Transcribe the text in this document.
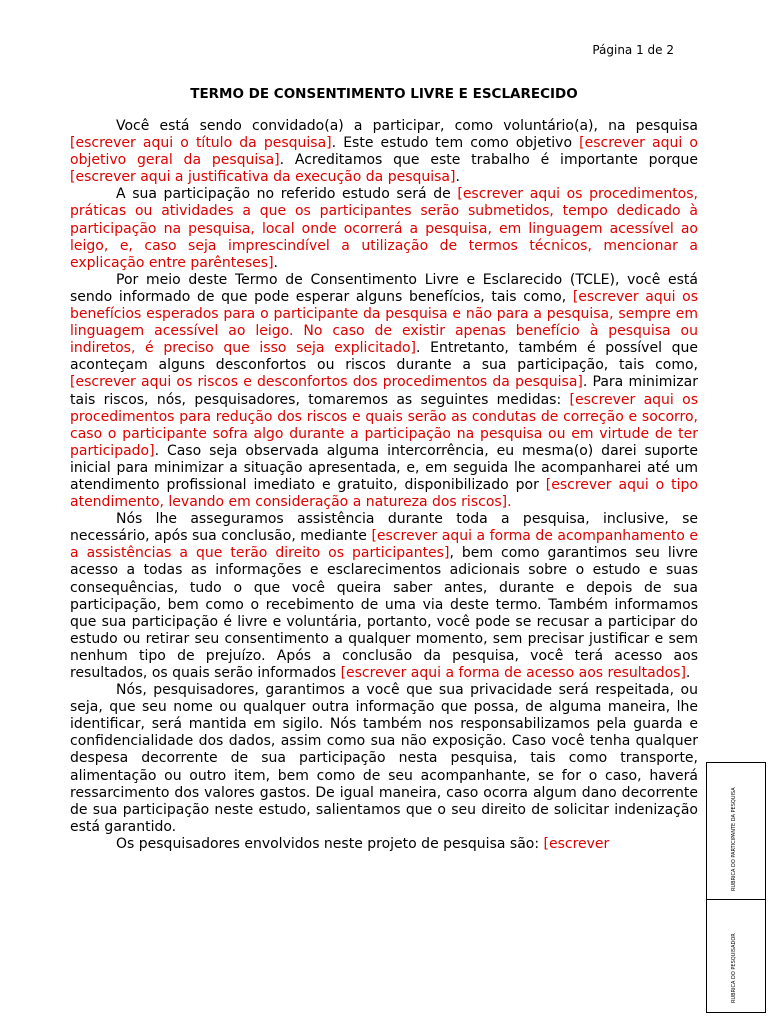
Página 1 de 2
TERMO DE CONSENTIMENTO LIVRE E ESCLARECIDO

Você está sendo convidado(a) a participar, como voluntário(a), na pesquisa [escrever aqui o título da pesquisa]. Este estudo tem como objetivo [escrever aqui o objetivo geral da pesquisa]. Acreditamos que este trabalho é importante porque [escrever aqui a justificativa da execução da pesquisa].

A sua participação no referido estudo será de [escrever aqui os procedimentos, práticas ou atividades a que os participantes serão submetidos, tempo dedicado à participação na pesquisa, local onde ocorrerá a pesquisa, em linguagem acessível ao leigo, e, caso seja imprescindível a utilização de termos técnicos, mencionar a explicação entre parênteses].

Por meio deste Termo de Consentimento Livre e Esclarecido (TCLE), você está sendo informado de que pode esperar alguns benefícios, tais como, [escrever aqui os benefícios esperados para o participante da pesquisa e não para a pesquisa, sempre em linguagem acessível ao leigo. No caso de existir apenas benefício à pesquisa ou indiretos, é preciso que isso seja explicitado]. Entretanto, também é possível que aconteçam alguns desconfortos ou riscos durante a sua participação, tais como, [escrever aqui os riscos e desconfortos dos procedimentos da pesquisa]. Para minimizar tais riscos, nós, pesquisadores, tomaremos as seguintes medidas: [escrever aqui os procedimentos para redução dos riscos e quais serão as condutas de correção e socorro, caso o participante sofra algo durante a participação na pesquisa ou em virtude de ter participado]. Caso seja observada alguma intercorrência, eu mesma(o) darei suporte inicial para minimizar a situação apresentada, e, em seguida lhe acompanharei até um atendimento profissional imediato e gratuito, disponibilizado por [escrever aqui o tipo atendimento, levando em consideração a natureza dos riscos].

Nós lhe asseguramos assistência durante toda a pesquisa, inclusive, se necessário, após sua conclusão, mediante [escrever aqui a forma de acompanhamento e a assistências a que terão direito os participantes], bem como garantimos seu livre acesso a todas as informações e esclarecimentos adicionais sobre o estudo e suas consequências, tudo o que você queira saber antes, durante e depois de sua participação, bem como o recebimento de uma via deste termo. Também informamos que sua participação é livre e voluntária, portanto, você pode se recusar a participar do estudo ou retirar seu consentimento a qualquer momento, sem precisar justificar e sem nenhum tipo de prejuízo. Após a conclusão da pesquisa, você terá acesso aos resultados, os quais serão informados [escrever aqui a forma de acesso aos resultados].

Nós, pesquisadores, garantimos a você que sua privacidade será respeitada, ou seja, que seu nome ou qualquer outra informação que possa, de alguma maneira, lhe identificar, será mantida em sigilo. Nós também nos responsabilizamos pela guarda e confidencialidade dos dados, assim como sua não exposição. Caso você tenha qualquer despesa decorrente de sua participação nesta pesquisa, tais como transporte, alimentação ou outro item, bem como de seu acompanhante, se for o caso, haverá ressarcimento dos valores gastos. De igual maneira, caso ocorra algum dano decorrente de sua participação neste estudo, salientamos que o seu direito de solicitar indenização está garantido.

Os pesquisadores envolvidos neste projeto de pesquisa são: [escrever	RUBRICA DO PARTICIPANTE DA PESQUISA
RUBRICA DO PESQUISADOR
